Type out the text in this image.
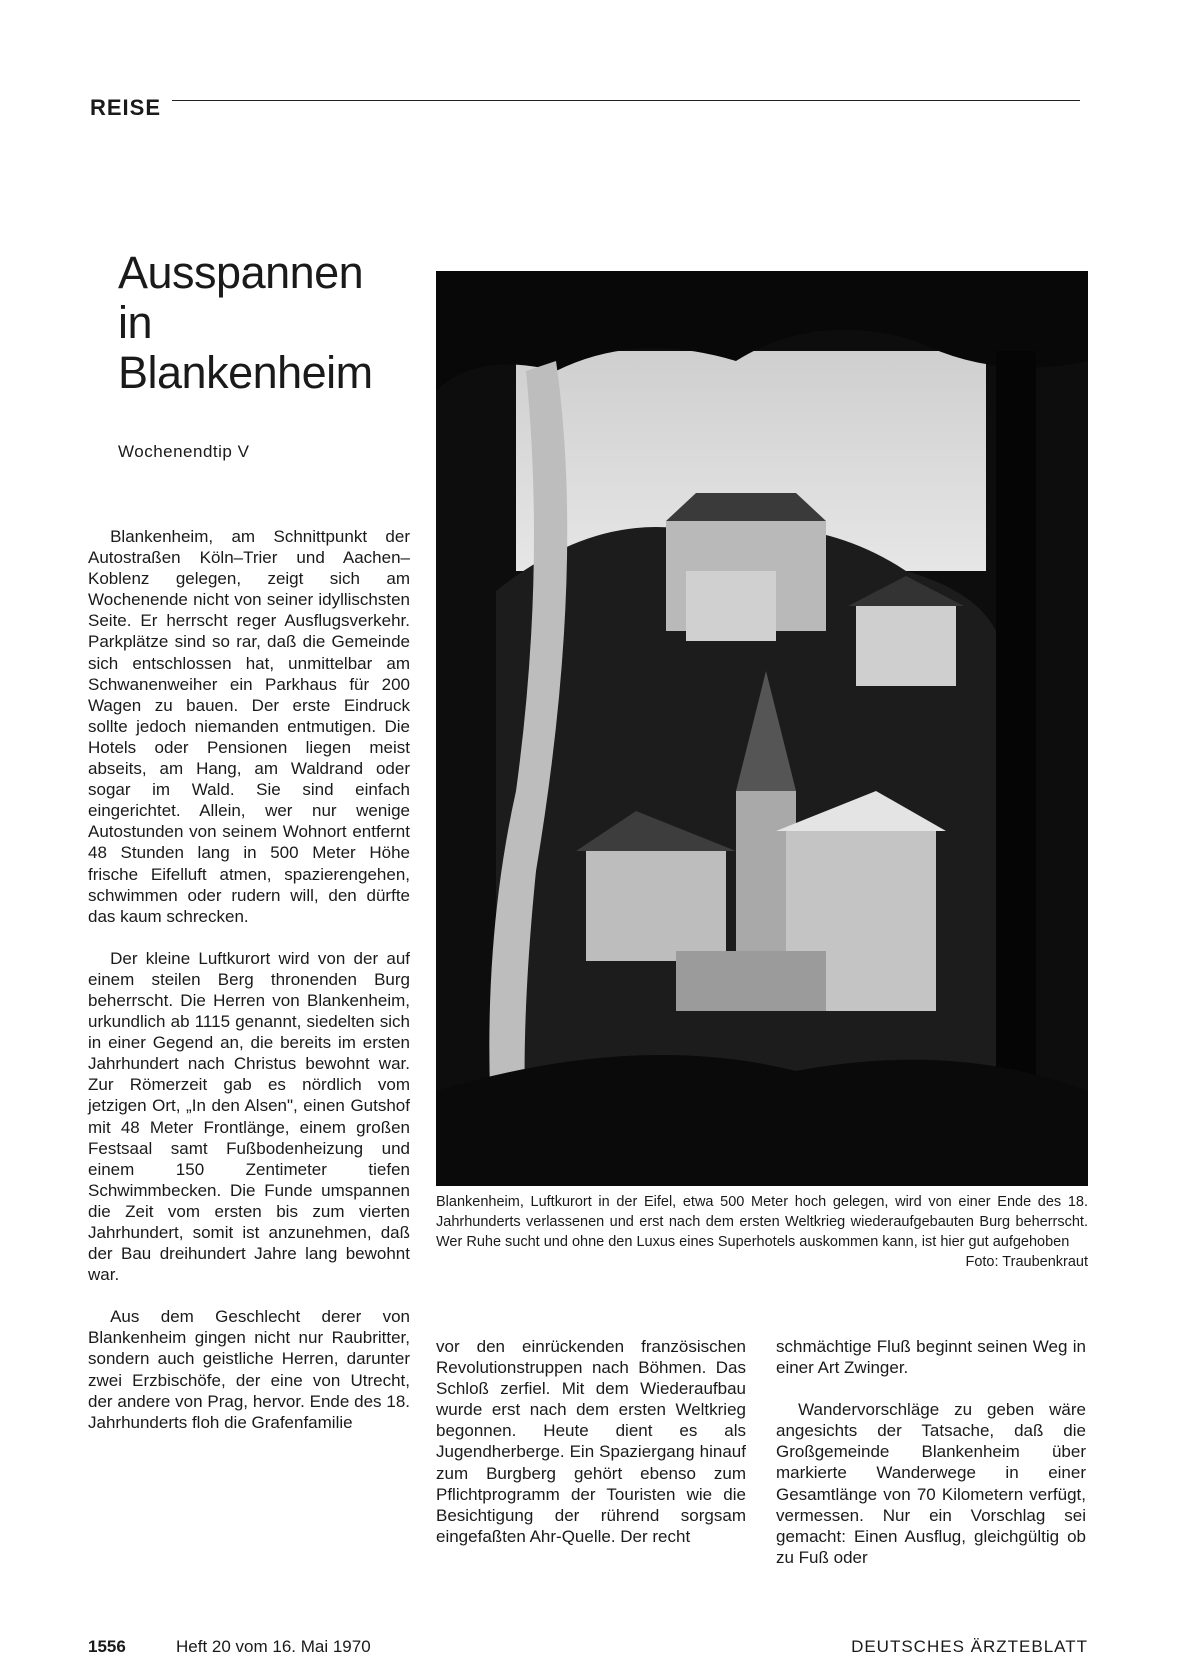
REISE
Ausspannen
in
Blankenheim
Wochenendtip V

Blankenheim, am Schnittpunkt der Autostraßen Köln–Trier und Aachen–Koblenz gelegen, zeigt sich am Wochenende nicht von seiner idyllischsten Seite. Er herrscht reger Ausflugsverkehr. Parkplätze sind so rar, daß die Gemeinde sich entschlossen hat, unmittelbar am Schwanenweiher ein Parkhaus für 200 Wagen zu bauen. Der erste Eindruck sollte jedoch niemanden entmutigen. Die Hotels oder Pensionen liegen meist abseits, am Hang, am Waldrand oder sogar im Wald. Sie sind einfach eingerichtet. Allein, wer nur wenige Autostunden von seinem Wohnort entfernt 48 Stunden lang in 500 Meter Höhe frische Eifelluft atmen, spazierengehen, schwimmen oder rudern will, den dürfte das kaum schrecken.

Der kleine Luftkurort wird von der auf einem steilen Berg thronenden Burg beherrscht. Die Herren von Blankenheim, urkundlich ab 1115 genannt, siedelten sich in einer Gegend an, die bereits im ersten Jahrhundert nach Christus bewohnt war. Zur Römerzeit gab es nördlich vom jetzigen Ort, „In den Alsen", einen Gutshof mit 48 Meter Frontlänge, einem großen Festsaal samt Fußbodenheizung und einem 150 Zentimeter tiefen Schwimmbecken. Die Funde umspannen die Zeit vom ersten bis zum vierten Jahrhundert, somit ist anzunehmen, daß der Bau dreihundert Jahre lang bewohnt war.

Aus dem Geschlecht derer von Blankenheim gingen nicht nur Raubritter, sondern auch geistliche Herren, darunter zwei Erzbischöfe, der eine von Utrecht, der andere von Prag, hervor. Ende des 18. Jahrhunderts floh die Grafenfamilie

Blankenheim, Luftkurort in der Eifel, etwa 500 Meter hoch gelegen, wird von einer Ende des 18. Jahrhunderts verlassenen und erst nach dem ersten Weltkrieg wiederaufgebauten Burg beherrscht. Wer Ruhe sucht und ohne den Luxus eines Superhotels auskommen kann, ist hier gut aufgehoben
Foto: Traubenkraut

vor den einrückenden französischen Revolutionstruppen nach Böhmen. Das Schloß zerfiel. Mit dem Wiederaufbau wurde erst nach dem ersten Weltkrieg begonnen. Heute dient es als Jugendherberge. Ein Spaziergang hinauf zum Burgberg gehört ebenso zum Pflichtprogramm der Touristen wie die Besichtigung der rührend sorgsam eingefaßten Ahr-Quelle. Der recht

schmächtige Fluß beginnt seinen Weg in einer Art Zwinger.

Wandervorschläge zu geben wäre angesichts der Tatsache, daß die Großgemeinde Blankenheim über markierte Wanderwege in einer Gesamtlänge von 70 Kilometern verfügt, vermessen. Nur ein Vorschlag sei gemacht: Einen Ausflug, gleichgültig ob zu Fuß oder

1556	Heft 20 vom 16. Mai 1970	DEUTSCHES ÄRZTEBLATT
